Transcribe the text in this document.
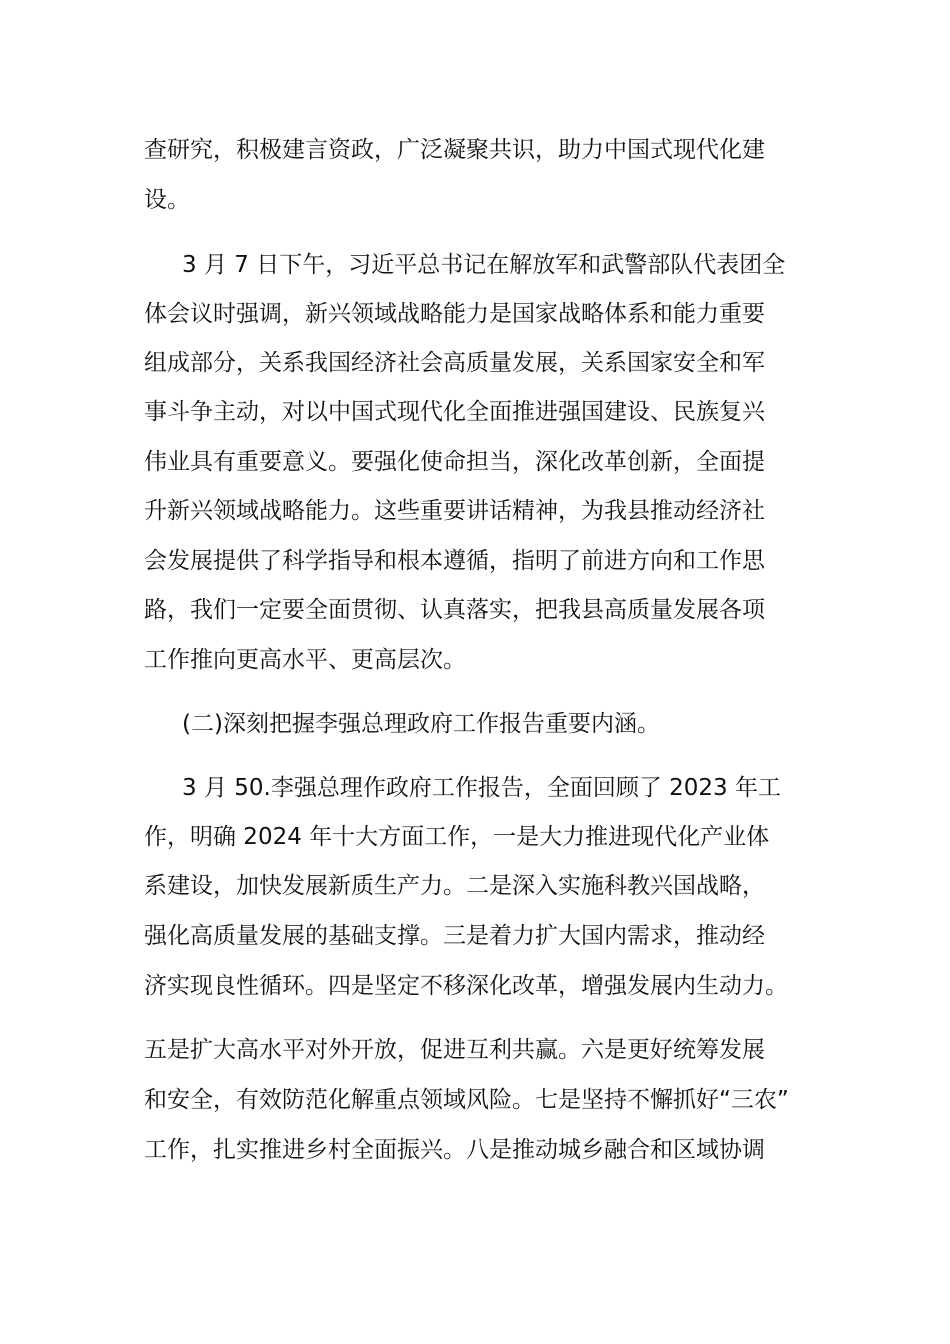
查研究，积极建言资政，广泛凝聚共识，助力中国式现代化建
设。
3 月 7 日下午，习近平总书记在解放军和武警部队代表团全
体会议时强调，新兴领域战略能力是国家战略体系和能力重要
组成部分，关系我国经济社会高质量发展，关系国家安全和军
事斗争主动，对以中国式现代化全面推进强国建设、民族复兴
伟业具有重要意义。要强化使命担当，深化改革创新，全面提
升新兴领域战略能力。这些重要讲话精神，为我县推动经济社
会发展提供了科学指导和根本遵循，指明了前进方向和工作思
路，我们一定要全面贯彻、认真落实，把我县高质量发展各项
工作推向更高水平、更高层次。
(二)深刻把握李强总理政府工作报告重要内涵。
3 月 50.李强总理作政府工作报告，全面回顾了 2023 年工
作，明确 2024 年十大方面工作，一是大力推进现代化产业体
系建设，加快发展新质生产力。二是深入实施科教兴国战略，
强化高质量发展的基础支撑。三是着力扩大国内需求，推动经
济实现良性循环。四是坚定不移深化改革，增强发展内生动力。
五是扩大高水平对外开放，促进互利共赢。六是更好统筹发展
和安全，有效防范化解重点领域风险。七是坚持不懈抓好“三农”
工作，扎实推进乡村全面振兴。八是推动城乡融合和区域协调
